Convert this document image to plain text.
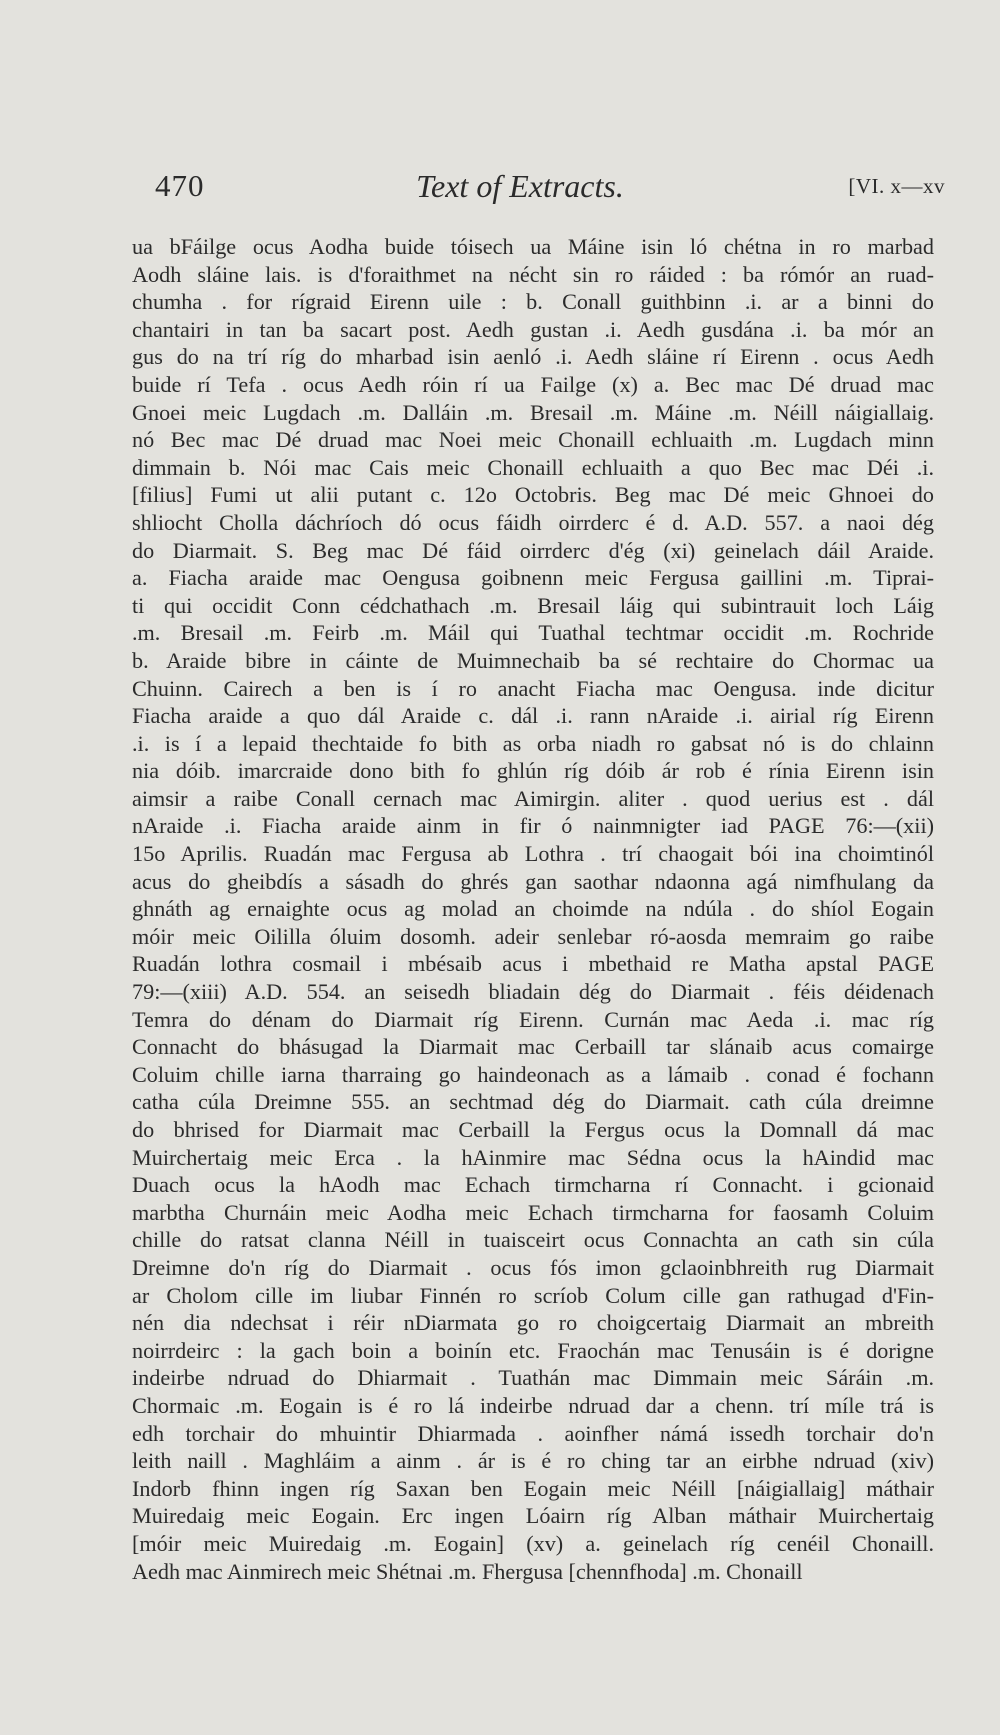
470	Text of Extracts.	[VI. x—xv
ua bFáilge ocus Aodha buide tóisech ua Máine isin ló chétna in ro marbad
Aodh sláine lais. is d'foraithmet na nécht sin ro ráided : ba rómór an ruad-
chumha . for rígraid Eirenn uile : b. Conall guithbinn .i. ar a binni do
chantairi in tan ba sacart post. Aedh gustan .i. Aedh gusdána .i. ba mór an
gus do na trí ríg do mharbad isin aenló .i. Aedh sláine rí Eirenn . ocus Aedh
buide rí Tefa . ocus Aedh róin rí ua Failge (x) a. Bec mac Dé druad mac
Gnoei meic Lugdach .m. Dalláin .m. Bresail .m. Máine .m. Néill náigiallaig.
nó Bec mac Dé druad mac Noei meic Chonaill echluaith .m. Lugdach minn
dimmain b. Nói mac Cais meic Chonaill echluaith a quo Bec mac Déi .i.
[filius] Fumi ut alii putant c. 12o Octobris. Beg mac Dé meic Ghnoei do
shliocht Cholla dáchríoch dó ocus fáidh oirrderc é d. A.D. 557. a naoi dég
do Diarmait. S. Beg mac Dé fáid oirrderc d'ég (xi) geinelach dáil Araide.
a. Fiacha araide mac Oengusa goibnenn meic Fergusa gaillini .m. Tiprai-
ti qui occidit Conn cédchathach .m. Bresail láig qui subintrauit loch Láig
.m. Bresail .m. Feirb .m. Máil qui Tuathal techtmar occidit .m. Rochride
b. Araide bibre in cáinte de Muimnechaib ba sé rechtaire do Chormac ua
Chuinn. Cairech a ben is í ro anacht Fiacha mac Oengusa. inde dicitur
Fiacha araide a quo dál Araide c. dál .i. rann nAraide .i. airial ríg Eirenn
.i. is í a lepaid thechtaide fo bith as orba niadh ro gabsat nó is do chlainn
nia dóib. imarcraide dono bith fo ghlún ríg dóib ár rob é rínia Eirenn isin
aimsir a raibe Conall cernach mac Aimirgin. aliter . quod uerius est . dál
nAraide .i. Fiacha araide ainm in fir ó nainmnigter iad PAGE 76:—(xii)
15o Aprilis. Ruadán mac Fergusa ab Lothra . trí chaogait bói ina choimtinól
acus do gheibdís a sásadh do ghrés gan saothar ndaonna agá nimfhulang da
ghnáth ag ernaighte ocus ag molad an choimde na ndúla . do shíol Eogain
móir meic Oililla óluim dosomh. adeir senlebar ró-aosda memraim go raibe
Ruadán lothra cosmail i mbésaib acus i mbethaid re Matha apstal PAGE
79:—(xiii) A.D. 554. an seisedh bliadain dég do Diarmait . féis déidenach
Temra do dénam do Diarmait ríg Eirenn. Curnán mac Aeda .i. mac ríg
Connacht do bhásugad la Diarmait mac Cerbaill tar slánaib acus comairge
Coluim chille iarna tharraing go haindeonach as a lámaib . conad é fochann
catha cúla Dreimne 555. an sechtmad dég do Diarmait. cath cúla dreimne
do bhrised for Diarmait mac Cerbaill la Fergus ocus la Domnall dá mac
Muirchertaig meic Erca . la hAinmire mac Sédna ocus la hAindid mac
Duach ocus la hAodh mac Echach tirmcharna rí Connacht. i gcionaid
marbtha Churnáin meic Aodha meic Echach tirmcharna for faosamh Coluim
chille do ratsat clanna Néill in tuaisceirt ocus Connachta an cath sin cúla
Dreimne do'n ríg do Diarmait . ocus fós imon gclaoinbhreith rug Diarmait
ar Cholom cille im liubar Finnén ro scríob Colum cille gan rathugad d'Fin-
nén dia ndechsat i réir nDiarmata go ro choigcertaig Diarmait an mbreith
noirrdeirc : la gach boin a boinín etc. Fraochán mac Tenusáin is é dorigne
indeirbe ndruad do Dhiarmait . Tuathán mac Dimmain meic Sáráin .m.
Chormaic .m. Eogain is é ro lá indeirbe ndruad dar a chenn. trí míle trá is
edh torchair do mhuintir Dhiarmada . aoinfher námá issedh torchair do'n
leith naill . Maghláim a ainm . ár is é ro ching tar an eirbhe ndruad (xiv)
Indorb fhinn ingen ríg Saxan ben Eogain meic Néill [náigiallaig] máthair
Muiredaig meic Eogain. Erc ingen Lóairn ríg Alban máthair Muirchertaig
[móir meic Muiredaig .m. Eogain] (xv) a. geinelach ríg cenéil Chonaill.
Aedh mac Ainmirech meic Shétnai .m. Fhergusa [chennfhoda] .m. Chonaill
